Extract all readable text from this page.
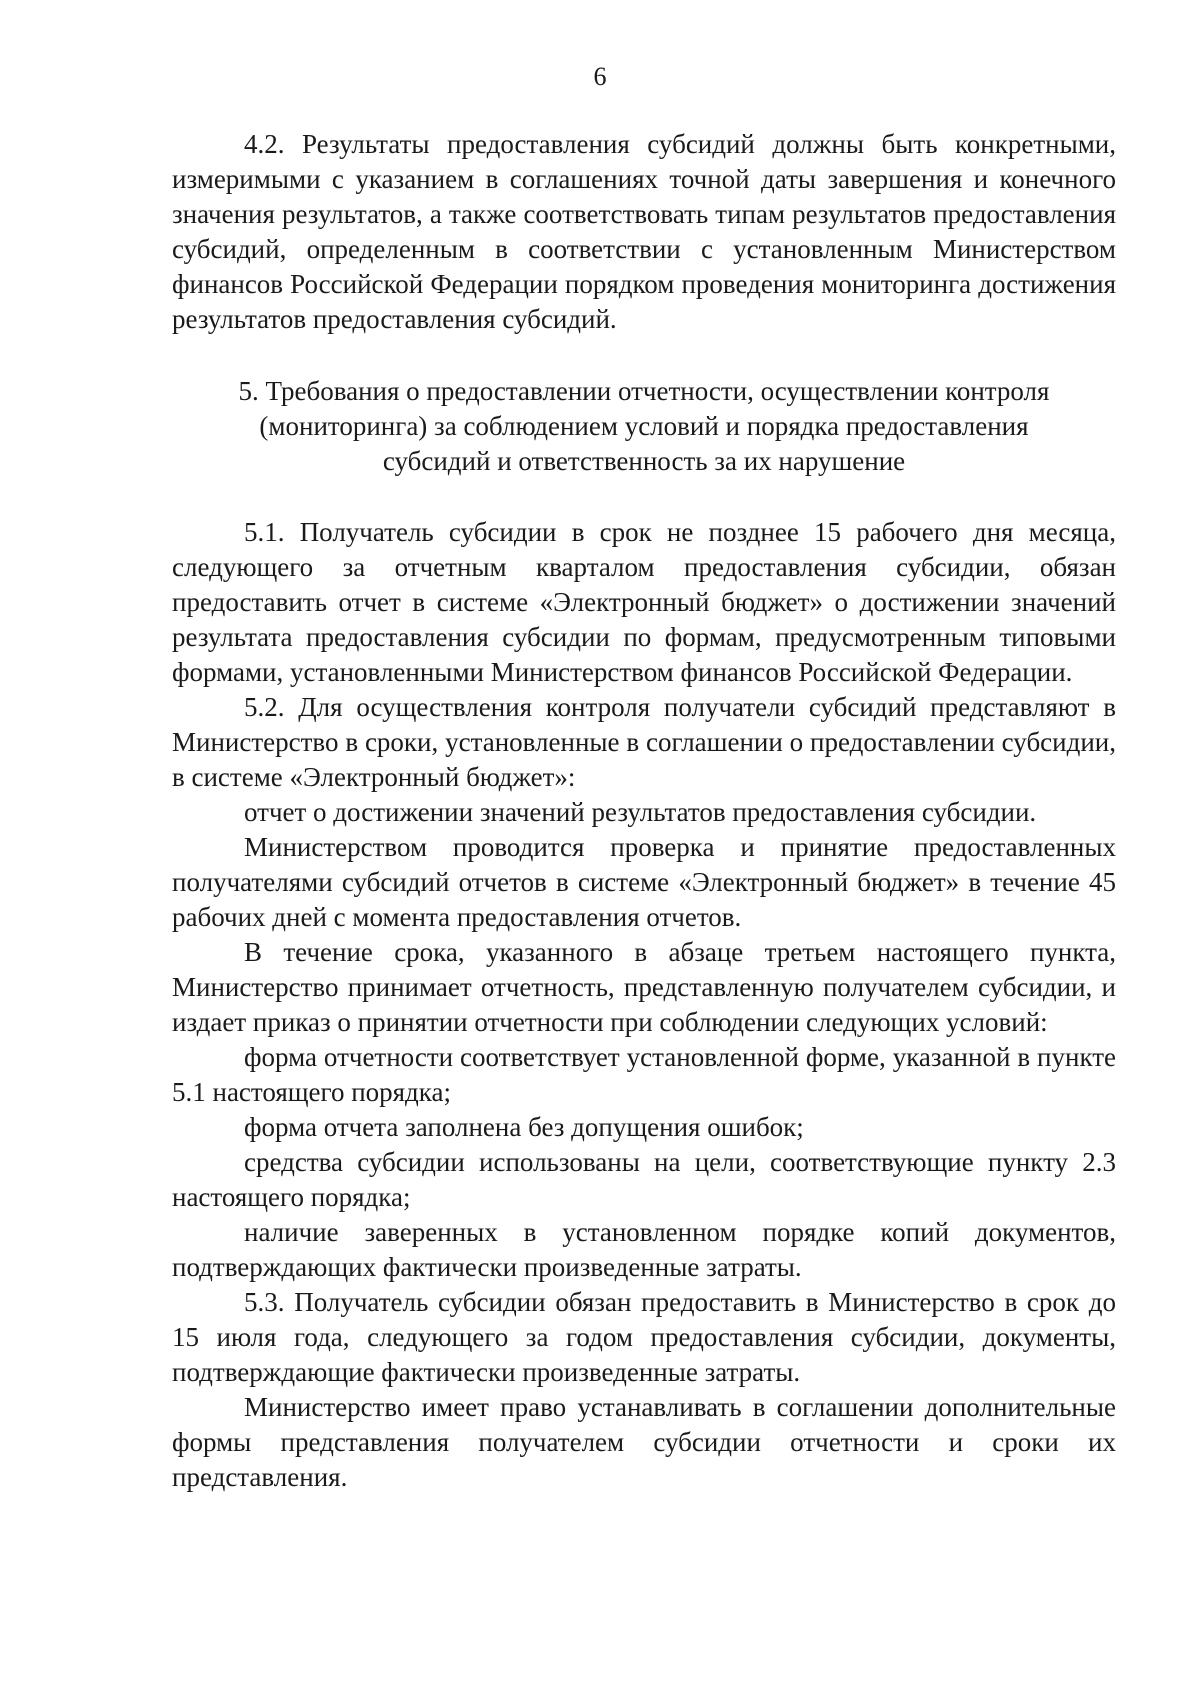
6

4.2. Результаты предоставления субсидий должны быть конкретными, измеримыми с указанием в соглашениях точной даты завершения и конечного значения результатов, а также соответствовать типам результатов предоставления субсидий, определенным в соответствии с установленным Министерством финансов Российской Федерации порядком проведения мониторинга достижения результатов предоставления субсидий.

5. Требования о предоставлении отчетности, осуществлении контроля
(мониторинга) за соблюдением условий и порядка предоставления
субсидий и ответственность за их нарушение

5.1. Получатель субсидии в срок не позднее 15 рабочего дня месяца, следующего за отчетным кварталом предоставления субсидии, обязан предоставить отчет в системе «Электронный бюджет» о достижении значений результата предоставления субсидии по формам, предусмотренным типовыми формами, установленными Министерством финансов Российской Федерации.

5.2. Для осуществления контроля получатели субсидий представляют в Министерство в сроки, установленные в соглашении о предоставлении субсидии, в системе «Электронный бюджет»:

отчет о достижении значений результатов предоставления субсидии.

Министерством проводится проверка и принятие предоставленных получателями субсидий отчетов в системе «Электронный бюджет» в течение 45 рабочих дней с момента предоставления отчетов.

В течение срока, указанного в абзаце третьем настоящего пункта, Министерство принимает отчетность, представленную получателем субсидии, и издает приказ о принятии отчетности при соблюдении следующих условий:

форма отчетности соответствует установленной форме, указанной в пункте 5.1 настоящего порядка;

форма отчета заполнена без допущения ошибок;

средства субсидии использованы на цели, соответствующие пункту 2.3 настоящего порядка;

наличие заверенных в установленном порядке копий документов, подтверждающих фактически произведенные затраты.

5.3. Получатель субсидии обязан предоставить в Министерство в срок до 15 июля года, следующего за годом предоставления субсидии, документы, подтверждающие фактически произведенные затраты.

Министерство имеет право устанавливать в соглашении дополнительные формы представления получателем субсидии отчетности и сроки их представления.
